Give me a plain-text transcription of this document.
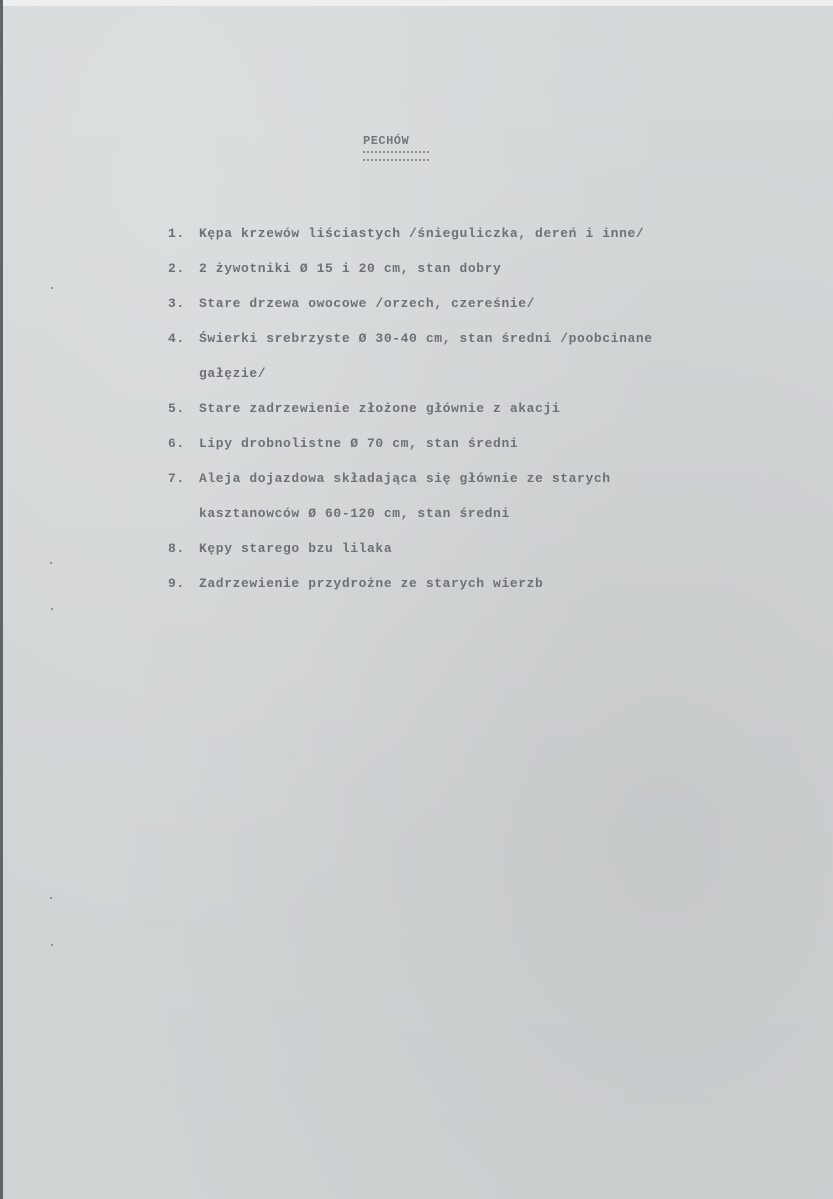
PECHÓW
1.	Kępa krzewów liściastych /śnieguliczka, dereń i inne/
2.	2 żywotniki Ø 15 i 20 cm, stan dobry
3.	Stare drzewa owocowe /orzech, czereśnie/
4.	Świerki srebrzyste Ø 30-40 cm, stan średni /poobcinane
gałęzie/
5.	Stare zadrzewienie złożone głównie z akacji
6.	Lipy drobnolistne Ø 70 cm, stan średni
7.	Aleja dojazdowa składająca się głównie ze starych
kasztanowców Ø 60-120 cm, stan średni
8.	Kępy starego bzu lilaka
9.	Zadrzewienie przydrożne ze starych wierzb
